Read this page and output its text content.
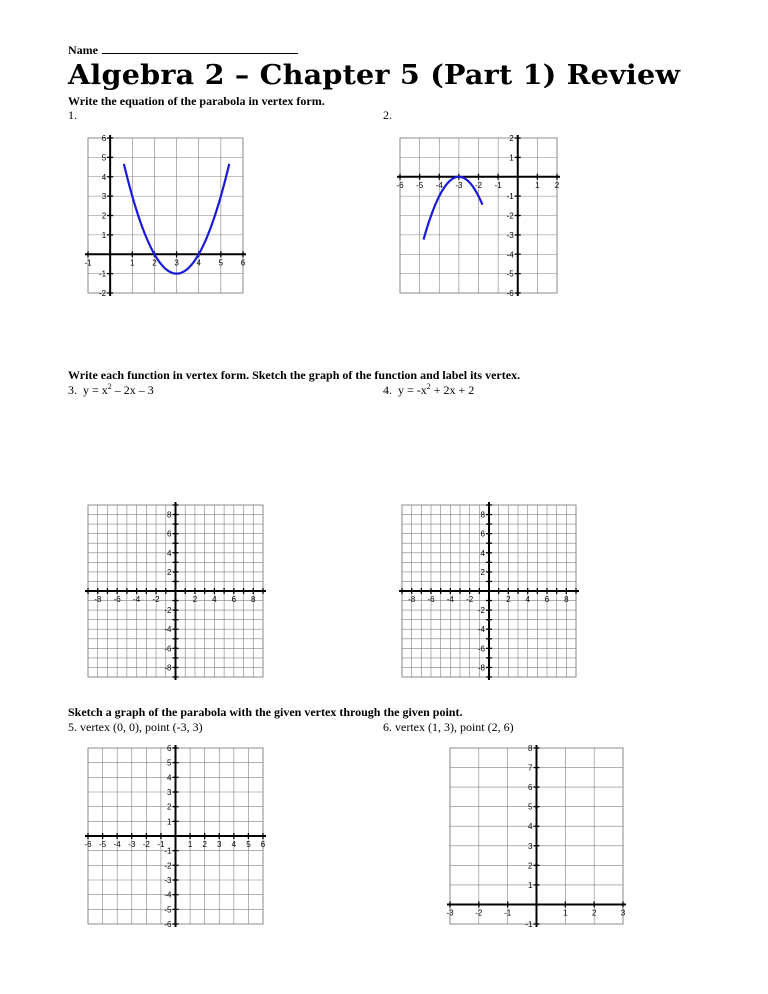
Name
Algebra 2 – Chapter 5 (Part 1) Review
Write the equation of the parabola in vertex form.
1.	2.
Write each function in vertex form. Sketch the graph of the function and label its vertex.
3. $y = x^2 - 2x - 3$	4. $y = -x^2 + 2x + 2$
Sketch a graph of the parabola with the given vertex through the given point.
5. vertex (0, 0), point (-3, 3)	6. vertex (1, 3), point (2, 6)
-1	1 2 3 4 5 6
-2
-1
1
2
3
4
5
6
-6 -5 -4 -3 -2 -1	1 2
-6
-5
-4
-3
-2
-1
1
2
-8 -6 -4 -2	2 4 6 8
-8
-6
-4
-2
2
4
6
8
-8 -6 -4 -2	2 4 6 8
-8
-6
-4
-2
2
4
6
8
-6 -5 -4 -3 -2 -1	1 2 3 4 5 6
-6
-5
-4
-3
-2
-1
1
2
3
4
5
6
-3	-2	-1	1	2	3
-1
1
2
3
4
5
6
7
8
